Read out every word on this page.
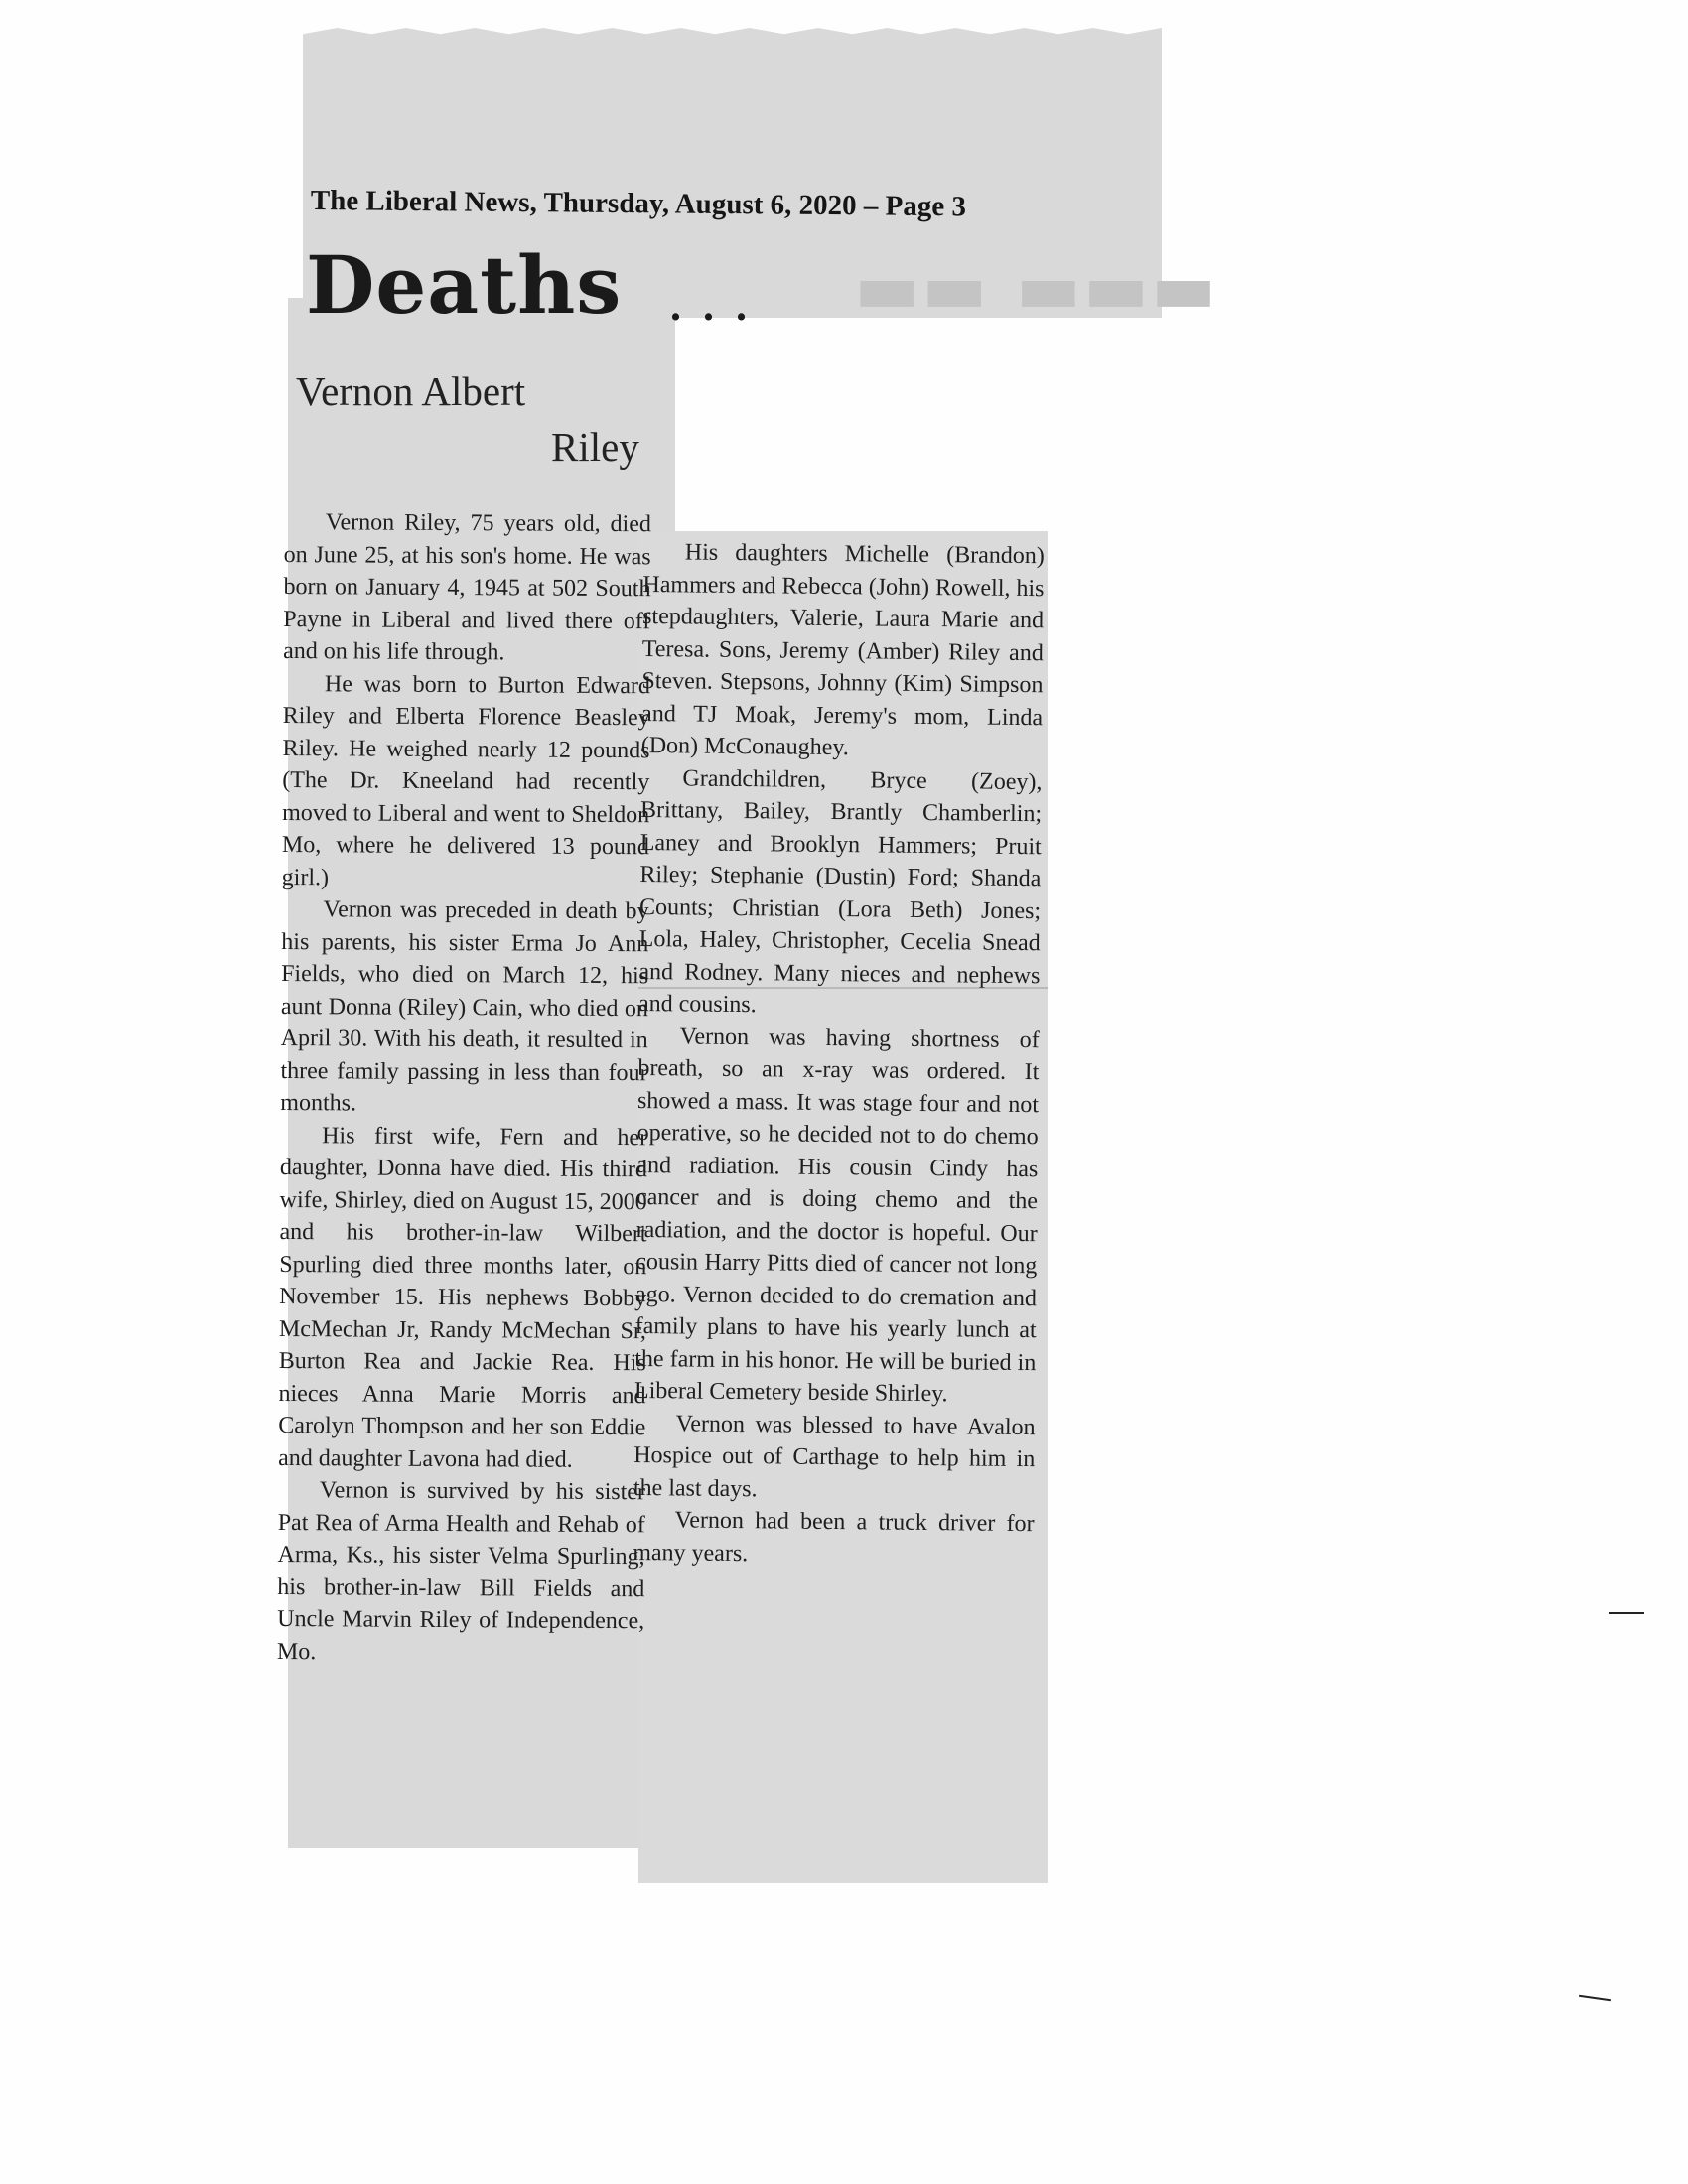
▬▬ ▬▬▬
The Liberal News, Thursday, August 6, 2020 – Page 3
Deaths ...
Vernon Albert
Riley

Vernon Riley, 75 years old, died on June 25, at his son's home. He was born on January 4, 1945 at 502 South Payne in Liberal and lived there off and on his life through.

He was born to Burton Edward Riley and Elberta Florence Beasley Riley. He weighed nearly 12 pounds (The Dr. Kneeland had recently moved to Liberal and went to Sheldon Mo, where he delivered 13 pound girl.)

Vernon was preceded in death by his parents, his sister Erma Jo Ann Fields, who died on March 12, his aunt Donna (Riley) Cain, who died on April 30. With his death, it resulted in three family passing in less than four months.

His first wife, Fern and her daughter, Donna have died. His third wife, Shirley, died on August 15, 2000 and his brother-in-law Wilbert Spurling died three months later, on November 15. His nephews Bobby McMechan Jr, Randy McMechan Sr, Burton Rea and Jackie Rea. His nieces Anna Marie Morris and Carolyn Thompson and her son Eddie and daughter Lavona had died.

Vernon is survived by his sister Pat Rea of Arma Health and Rehab of Arma, Ks., his sister Velma Spurling, his brother-in-law Bill Fields and Uncle Marvin Riley of Independence, Mo.

His daughters Michelle (Brandon) Hammers and Rebecca (John) Rowell, his stepdaughters, Valerie, Laura Marie and Teresa. Sons, Jeremy (Amber) Riley and Steven. Stepsons, Johnny (Kim) Simpson and TJ Moak, Jeremy's mom, Linda (Don) McConaughey.

Grandchildren, Bryce (Zoey), Brittany, Bailey, Brantly Chamberlin; Laney and Brooklyn Hammers; Pruit Riley; Stephanie (Dustin) Ford; Shanda Counts; Christian (Lora Beth) Jones; Lola, Haley, Christopher, Cecelia Snead and Rodney. Many nieces and nephews and cousins.

Vernon was having shortness of breath, so an x-ray was ordered. It showed a mass. It was stage four and not operative, so he decided not to do chemo and radiation. His cousin Cindy has cancer and is doing chemo and the radiation, and the doctor is hopeful. Our cousin Harry Pitts died of cancer not long ago. Vernon decided to do cremation and family plans to have his yearly lunch at the farm in his honor. He will be buried in Liberal Cemetery beside Shirley.

Vernon was blessed to have Avalon Hospice out of Carthage to help him in the last days.

Vernon had been a truck driver for many years.
